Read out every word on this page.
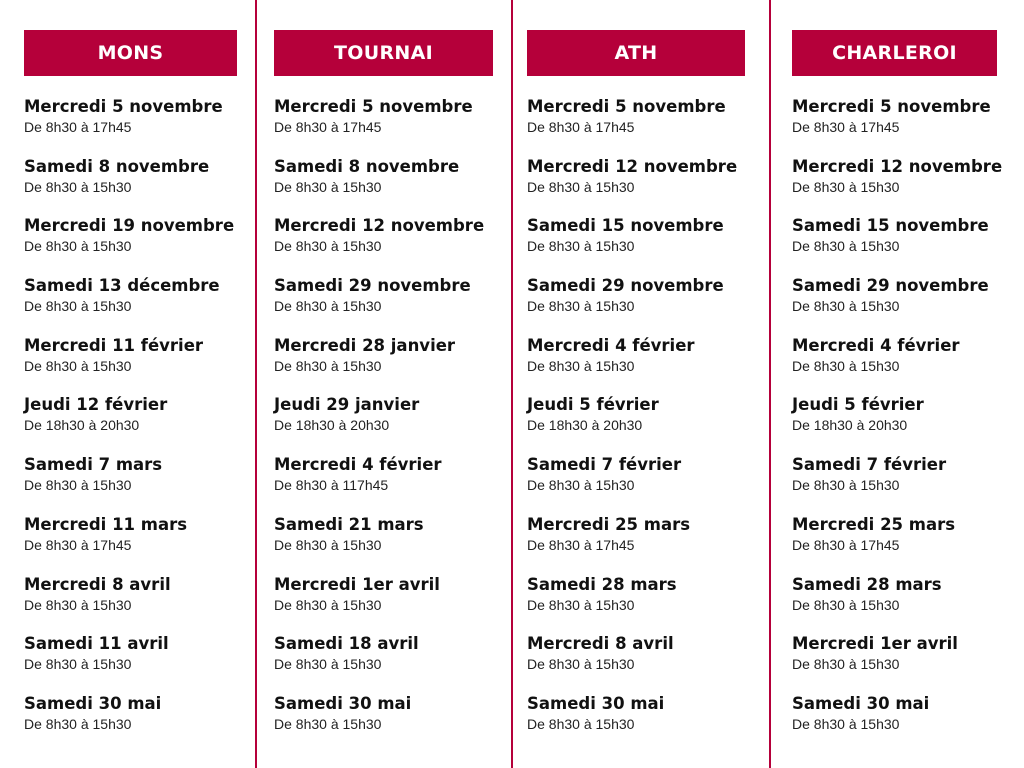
MONS
Mercredi 5 novembre
De 8h30 à 17h45
Samedi 8 novembre
De 8h30 à 15h30
Mercredi 19 novembre
De 8h30 à 15h30
Samedi 13 décembre
De 8h30 à 15h30
Mercredi 11 février
De 8h30 à 15h30
Jeudi 12 février
De 18h30 à 20h30
Samedi 7 mars
De 8h30 à 15h30
Mercredi 11 mars
De 8h30 à 17h45
Mercredi 8 avril
De 8h30 à 15h30
Samedi 11 avril
De 8h30 à 15h30
Samedi 30 mai
De 8h30 à 15h30
TOURNAI
Mercredi 5 novembre
De 8h30 à 17h45
Samedi 8 novembre
De 8h30 à 15h30
Mercredi 12 novembre
De 8h30 à 15h30
Samedi 29 novembre
De 8h30 à 15h30
Mercredi 28 janvier
De 8h30 à 15h30
Jeudi 29 janvier
De 18h30 à 20h30
Mercredi 4 février
De 8h30 à 117h45
Samedi 21 mars
De 8h30 à 15h30
Mercredi 1er avril
De 8h30 à 15h30
Samedi 18 avril
De 8h30 à 15h30
Samedi 30 mai
De 8h30 à 15h30
ATH
Mercredi 5 novembre
De 8h30 à 17h45
Mercredi 12 novembre
De 8h30 à 15h30
Samedi 15 novembre
De 8h30 à 15h30
Samedi 29 novembre
De 8h30 à 15h30
Mercredi 4 février
De 8h30 à 15h30
Jeudi 5 février
De 18h30 à 20h30
Samedi 7 février
De 8h30 à 15h30
Mercredi 25 mars
De 8h30 à 17h45
Samedi 28 mars
De 8h30 à 15h30
Mercredi 8 avril
De 8h30 à 15h30
Samedi 30 mai
De 8h30 à 15h30
CHARLEROI
Mercredi 5 novembre
De 8h30 à 17h45
Mercredi 12 novembre
De 8h30 à 15h30
Samedi 15 novembre
De 8h30 à 15h30
Samedi 29 novembre
De 8h30 à 15h30
Mercredi 4 février
De 8h30 à 15h30
Jeudi 5 février
De 18h30 à 20h30
Samedi 7 février
De 8h30 à 15h30
Mercredi 25 mars
De 8h30 à 17h45
Samedi 28 mars
De 8h30 à 15h30
Mercredi 1er avril
De 8h30 à 15h30
Samedi 30 mai
De 8h30 à 15h30
